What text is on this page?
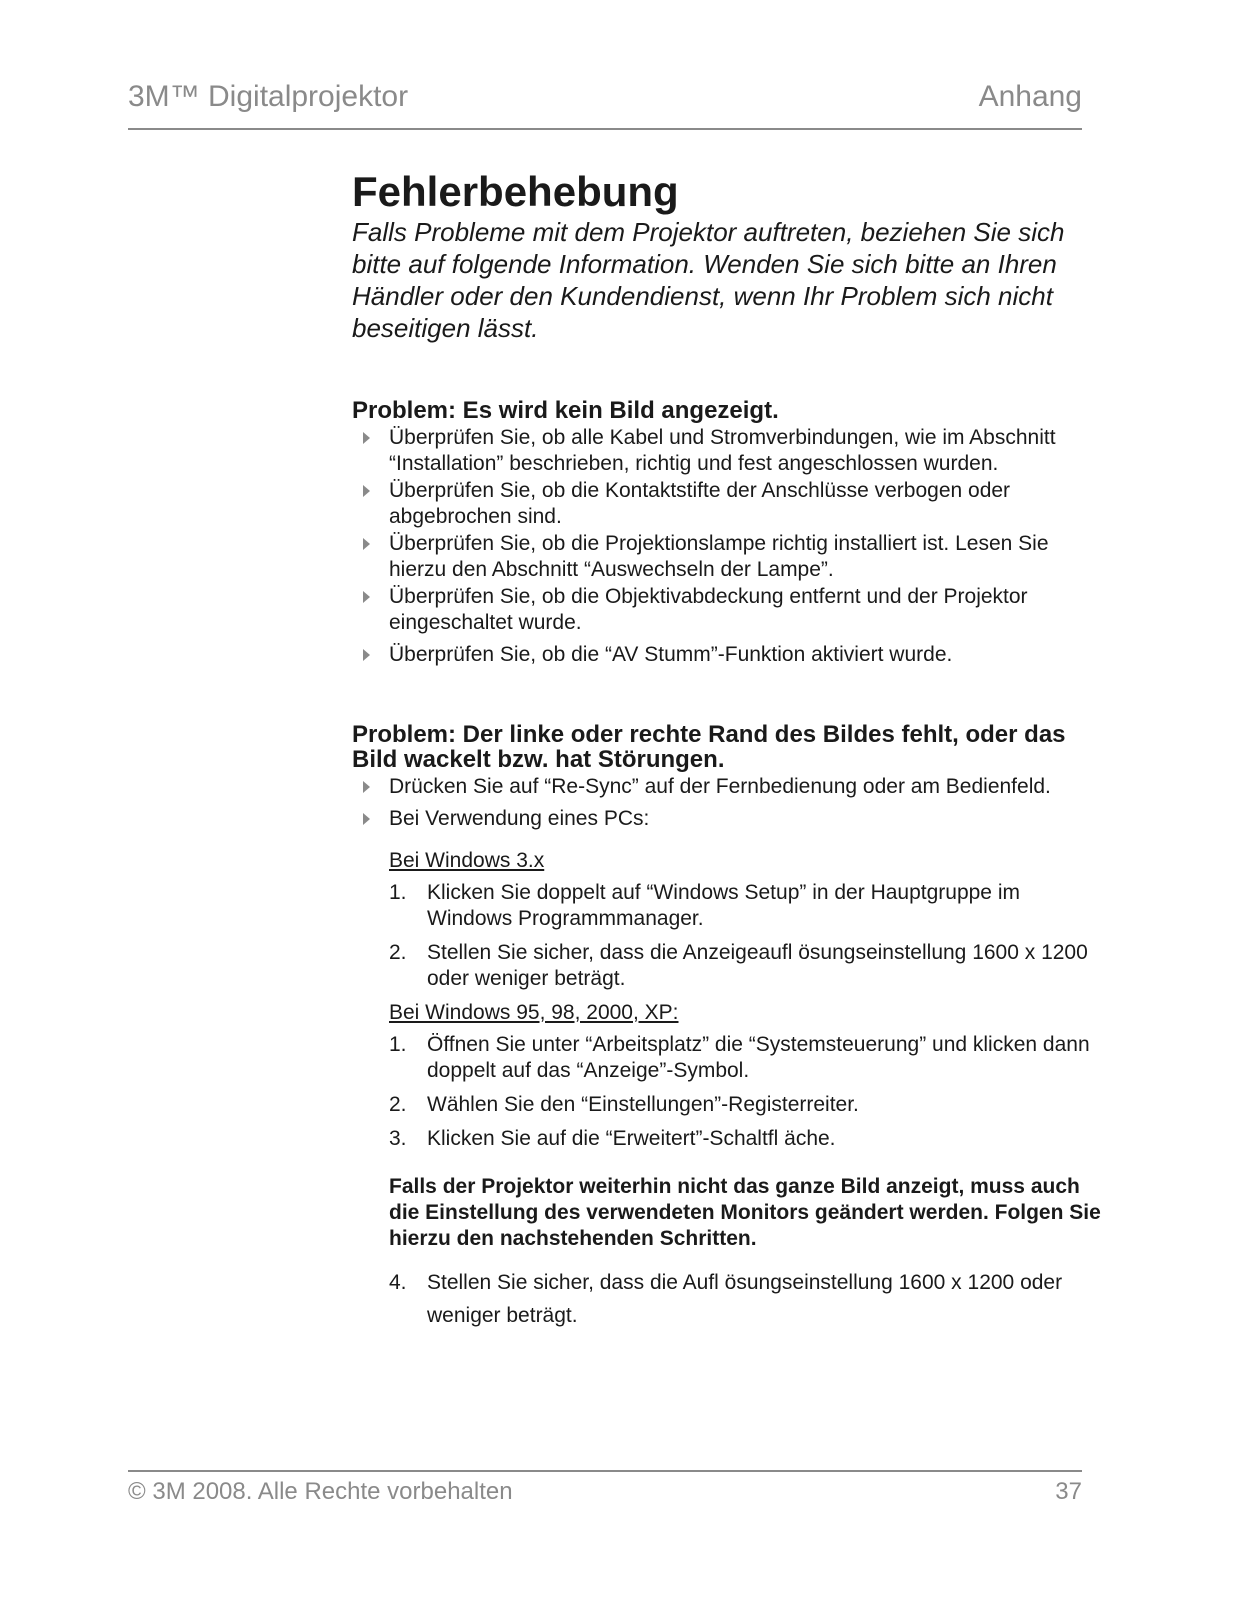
3M™ Digitalprojektor	Anhang
Fehlerbehebung

Falls Probleme mit dem Projektor auftreten, beziehen Sie sich bitte auf folgende Information. Wenden Sie sich bitte an Ihren Händler oder den Kundendienst, wenn Ihr Problem sich nicht beseitigen lässt.

Problem: Es wird kein Bild angezeigt.
Überprüfen Sie, ob alle Kabel und Stromverbindungen, wie im Abschnitt “Installation” beschrieben, richtig und fest angeschlossen wurden.
Überprüfen Sie, ob die Kontaktstifte der Anschlüsse verbogen oder abgebrochen sind.
Überprüfen Sie, ob die Projektionslampe richtig installiert ist. Lesen Sie hierzu den Abschnitt “Auswechseln der Lampe”.
Überprüfen Sie, ob die Objektivabdeckung entfernt und der Projektor eingeschaltet wurde.
Überprüfen Sie, ob die “AV Stumm”-Funktion aktiviert wurde.
Problem: Der linke oder rechte Rand des Bildes fehlt, oder das Bild wackelt bzw. hat Störungen.
Drücken Sie auf “Re-Sync” auf der Fernbedienung oder am Bedienfeld.
Bei Verwendung eines PCs:
Bei Windows 3.x
1. Klicken Sie doppelt auf “Windows Setup” in der Hauptgruppe im Windows Programmmanager.
2. Stellen Sie sicher, dass die Anzeigeaufl ösungseinstellung 1600 x 1200 oder weniger beträgt.
Bei Windows 95, 98, 2000, XP:
1. Öffnen Sie unter “Arbeitsplatz” die “Systemsteuerung” und klicken dann doppelt auf das “Anzeige”-Symbol.
2. Wählen Sie den “Einstellungen”-Registerreiter.
3. Klicken Sie auf die “Erweitert”-Schaltfl äche.

Falls der Projektor weiterhin nicht das ganze Bild anzeigt, muss auch die Einstellung des verwendeten Monitors geändert werden. Folgen Sie hierzu den nachstehenden Schritten.

4. Stellen Sie sicher, dass die Aufl ösungseinstellung 1600 x 1200 oder weniger beträgt.
© 3M 2008. Alle Rechte vorbehalten	37
